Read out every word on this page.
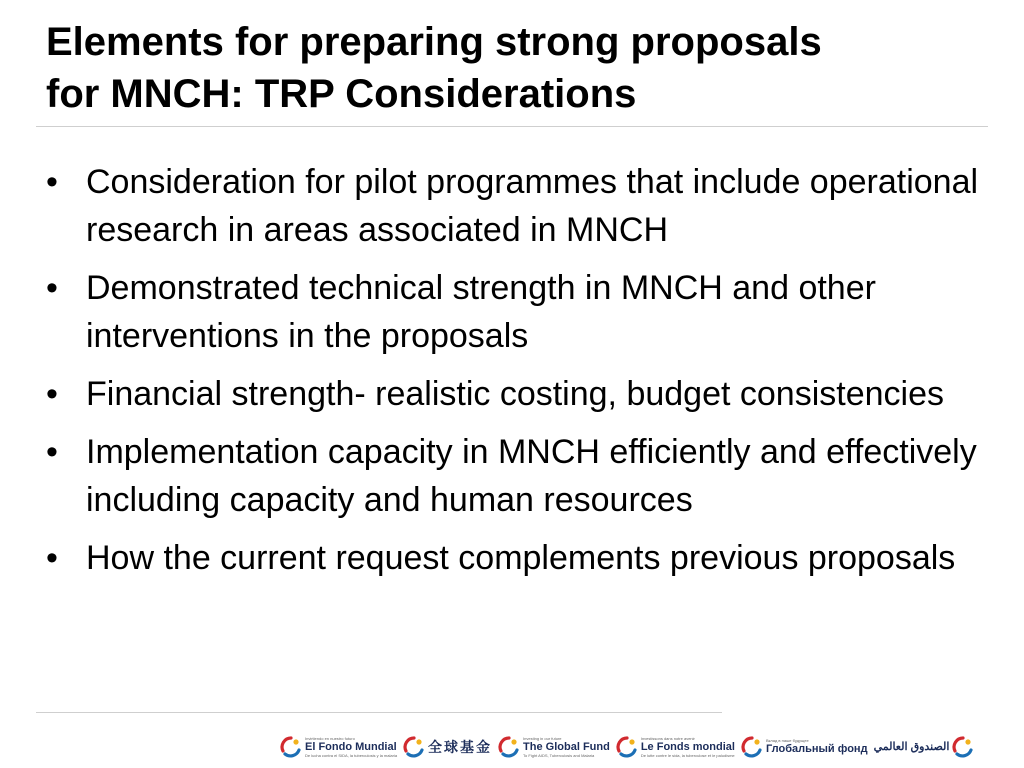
Elements for preparing strong proposals
for MNCH: TRP Considerations
• Consideration for pilot programmes that include operational research in areas associated in MNCH
• Demonstrated technical strength in MNCH and other interventions in the proposals
• Financial strength- realistic costing, budget consistencies
• Implementation capacity in MNCH efficiently and effectively including capacity and human resources
• How the current request complements previous proposals
Invirtiendo en nuestro futuro
El Fondo Mundial
De lucha contra el SIDA, la tuberculosis y la malaria 全球基金
Investing in our future
The Global Fund
To Fight AIDS, Tuberculosis and Malaria
Investissons dans notre avenir
Le Fonds mondial
De lutte contre le sida, la tuberculose et le paludisme
Вклад в наше будущее
Глобальный фонд الصندوق العالمي
